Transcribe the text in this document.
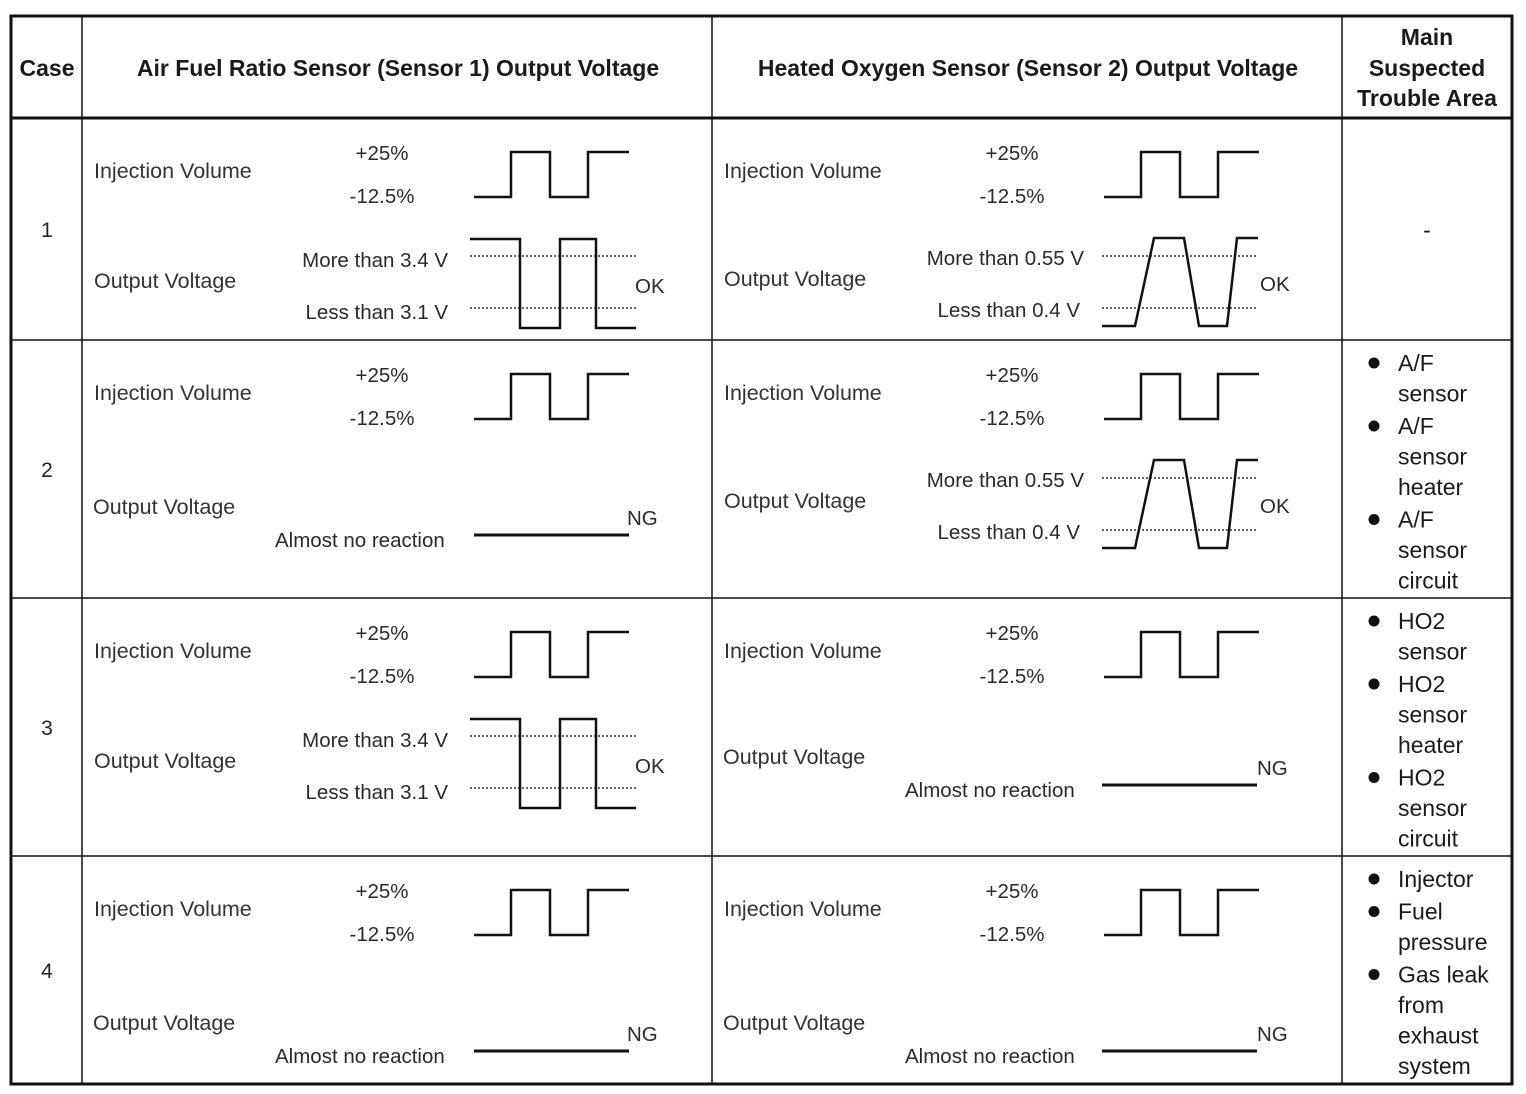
Case	Air Fuel Ratio Sensor (Sensor 1) Output Voltage	Heated Oxygen Sensor (Sensor 2) Output Voltage
Main
Suspected
Trouble Area
1
Injection Volume
+25%
-12.5%
Output Voltage
More than 3.4 V
Less than 3.1 V
OK
Injection Volume
+25%
-12.5%
Output Voltage
More than 0.55 V
Less than 0.4 V
OK
-
2
Injection Volume
+25%
-12.5%
Output Voltage
Almost no reaction
NG
Injection Volume
+25%
-12.5%
Output Voltage
More than 0.55 V
Less than 0.4 V
OK
A/F
sensor
A/F
sensor
heater
A/F
sensor
circuit
3
Injection Volume
+25%
-12.5%
Output Voltage
More than 3.4 V
Less than 3.1 V
OK
Injection Volume
+25%
-12.5%
Output Voltage
Almost no reaction
NG
HO2
sensor
HO2
sensor
heater
HO2
sensor
circuit
4
Injection Volume
+25%
-12.5%
Output Voltage
Almost no reaction
NG
Injection Volume
+25%
-12.5%
Output Voltage
Almost no reaction
NG
Injector
Fuel
pressure
Gas leak
from
exhaust
system
